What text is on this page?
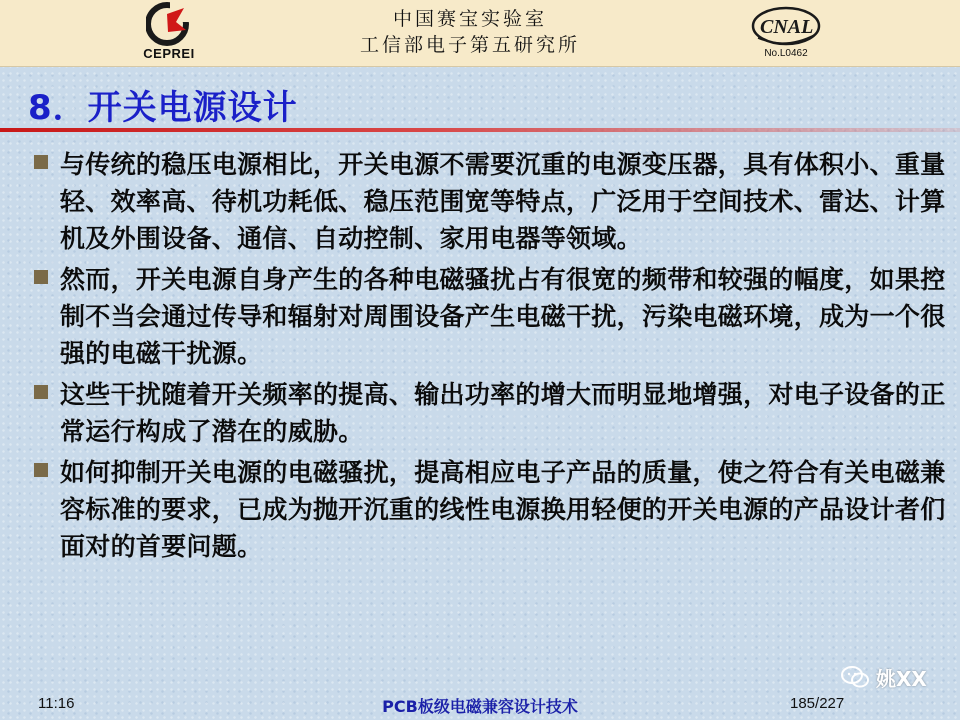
CEPREI
中国赛宝实验室
工信部电子第五研究所
CNAL
No.L0462
8．开关电源设计
与传统的稳压电源相比，开关电源不需要沉重的电源变压器，具有体积小、重量轻、效率高、待机功耗低、稳压范围宽等特点，广泛用于空间技术、雷达、计算机及外围设备、通信、自动控制、家用电器等领域。
然而，开关电源自身产生的各种电磁骚扰占有很宽的频带和较强的幅度，如果控制不当会通过传导和辐射对周围设备产生电磁干扰，污染电磁环境，成为一个很强的电磁干扰源。
这些干扰随着开关频率的提高、输出功率的增大而明显地增强，对电子设备的正常运行构成了潜在的威胁。
如何抑制开关电源的电磁骚扰，提高相应电子产品的质量，使之符合有关电磁兼容标准的要求，已成为抛开沉重的线性电源换用轻便的开关电源的产品设计者们面对的首要问题。
姚XX
11:16	PCB板级电磁兼容设计技术	185/227
